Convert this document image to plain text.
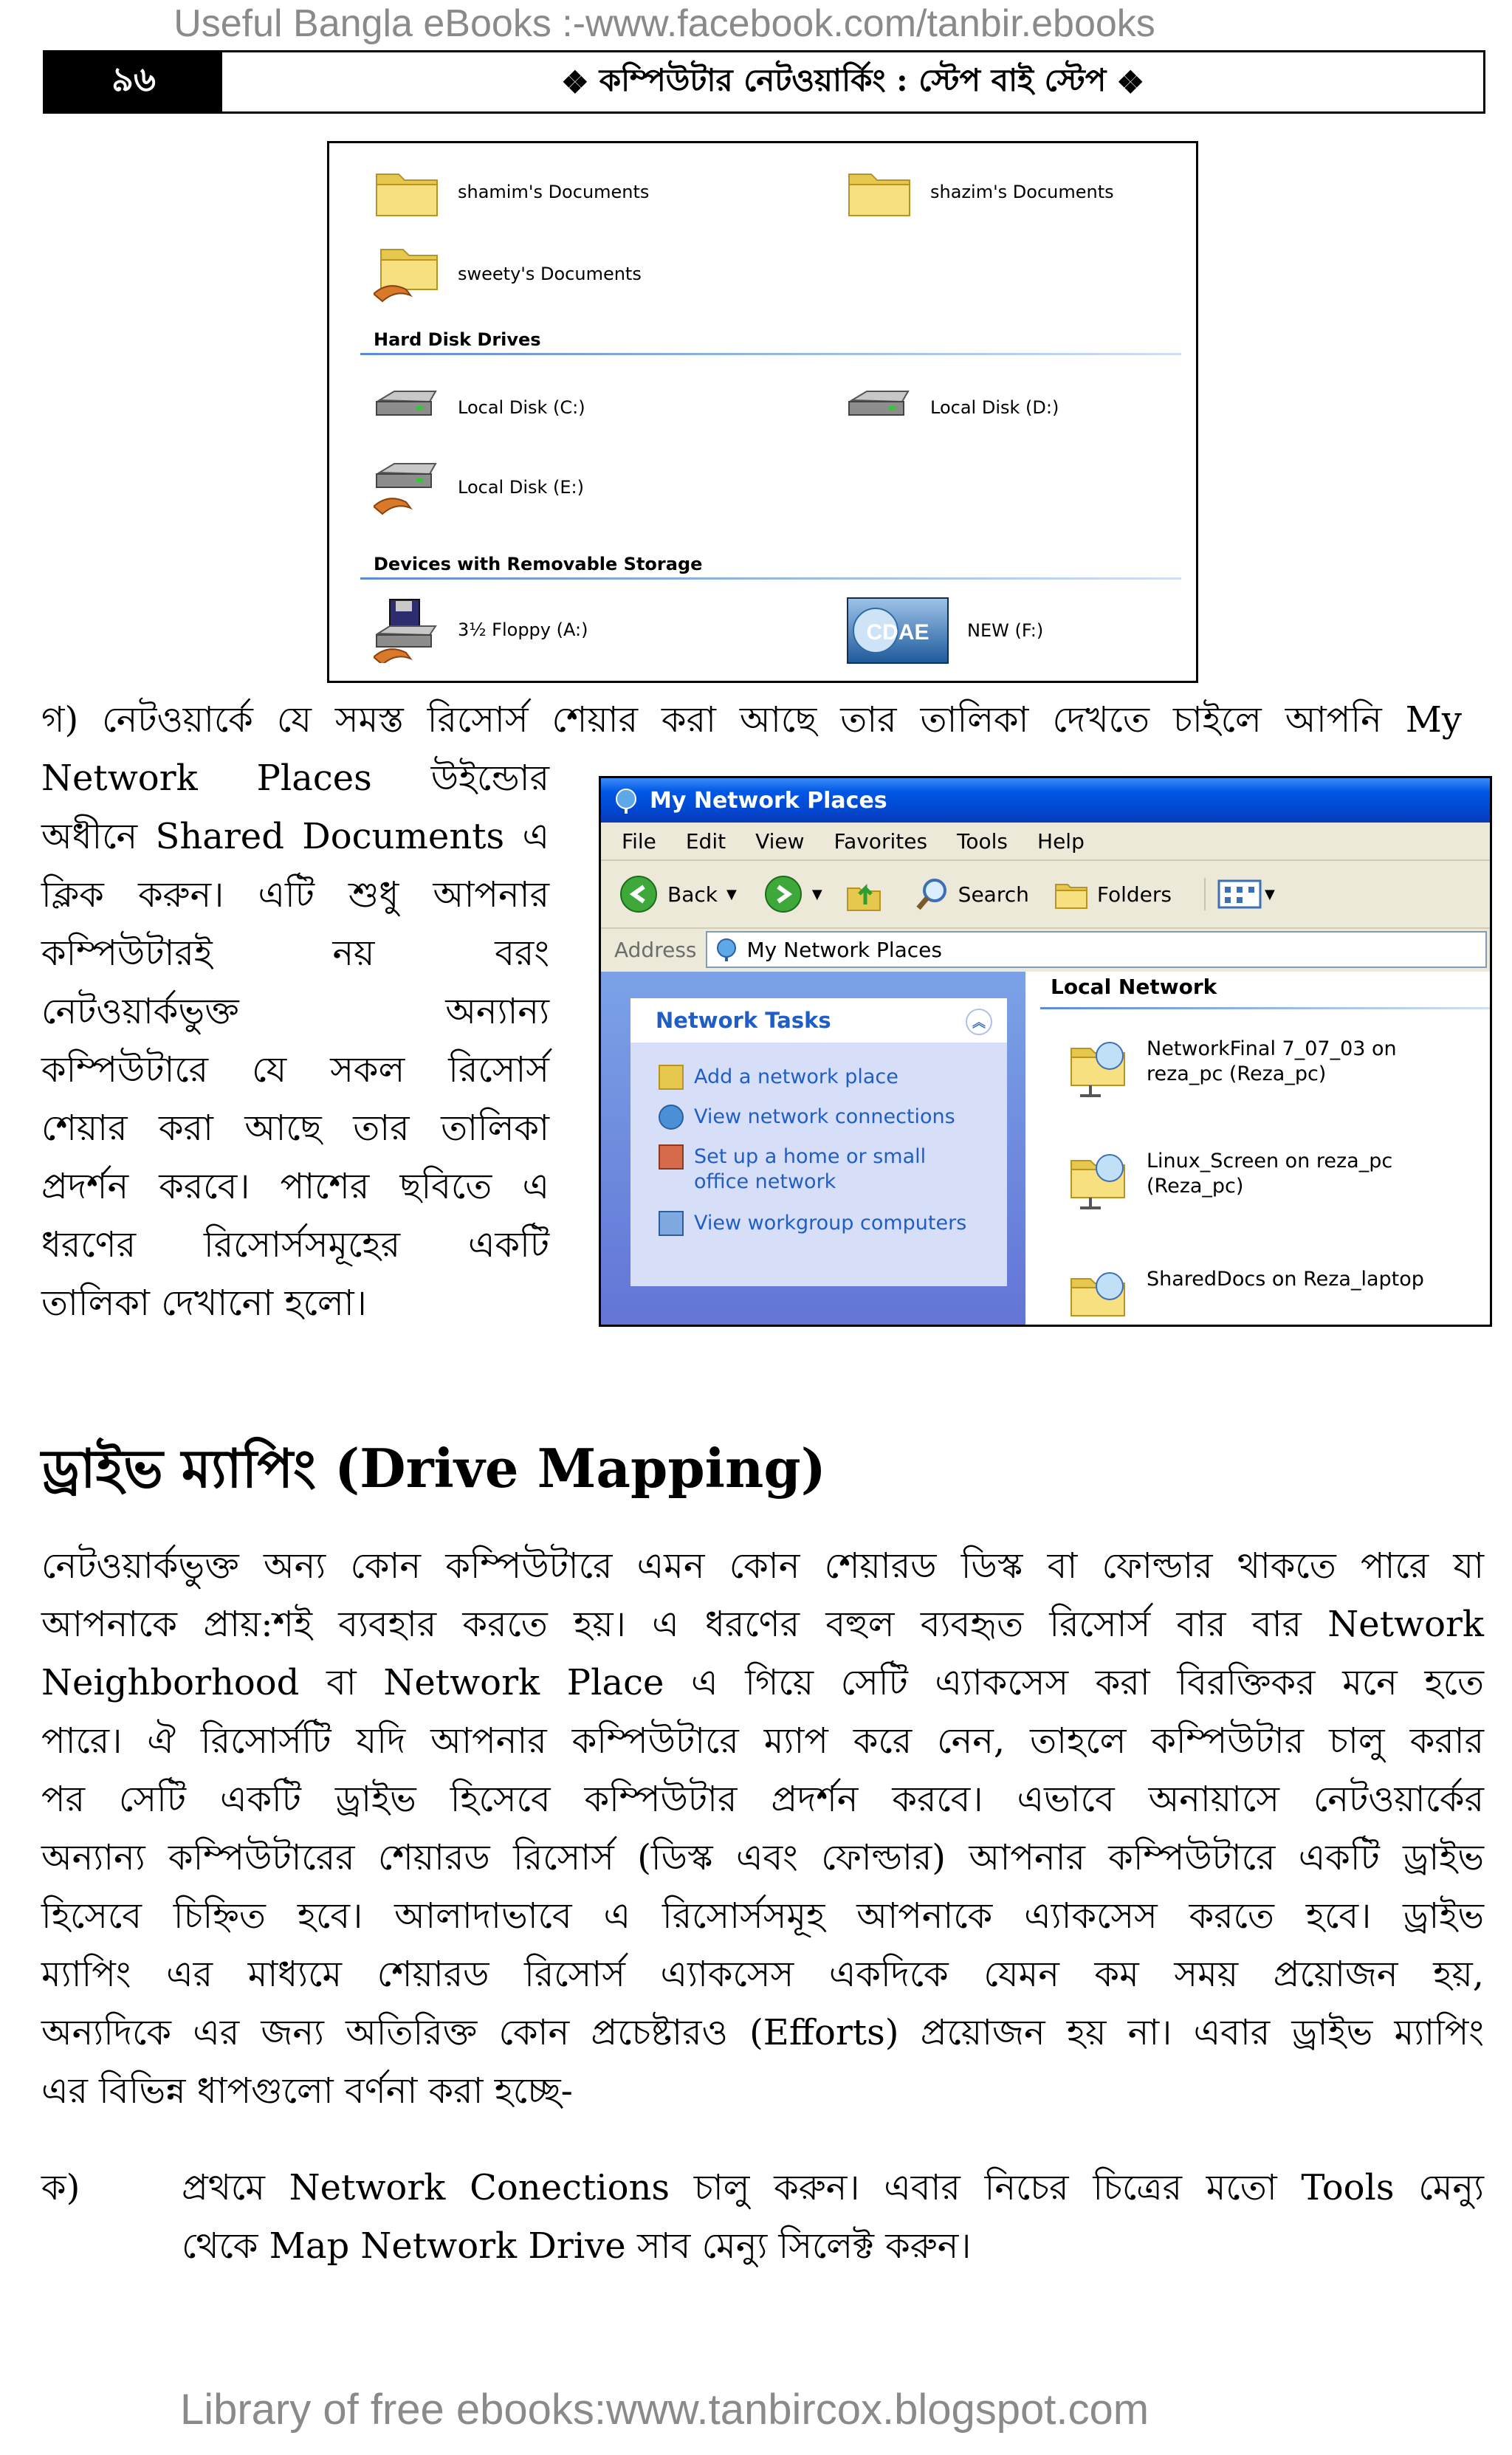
Useful Bangla eBooks :-www.facebook.com/tanbir.ebooks
৯৬	❖ কম্পিউটার নেটওয়ার্কিং : স্টেপ বাই স্টেপ ❖
shamim's Documents	shazim's Documents
sweety's Documents
Hard Disk Drives
Local Disk (C:)	Local Disk (D:)
Local Disk (E:)
Devices with Removable Storage
3½ Floppy (A:)	CDAE NEW (F:)
গ) নেটওয়ার্কে যে সমস্ত রিসোর্স শেয়ার করা আছে তার তালিকা দেখতে চাইলে আপনি My
Network Places উইন্ডোর
অধীনে Shared Documents এ
ক্লিক করুন। এটি শুধু আপনার
কম্পিউটারই নয় বরং
নেটওয়ার্কভুক্ত অন্যান্য
কম্পিউটারে যে সকল রিসোর্স
শেয়ার করা আছে তার তালিকা
প্রদর্শন করবে। পাশের ছবিতে এ
ধরণের রিসোর্সসমূহের একটি
তালিকা দেখানো হলো।
My Network Places
File Edit View Favorites Tools Help
Back ▼	▼	Search	Folders	▼
Address	My Network Places
Network Tasks	︽
Add a network place
View network connections
Set up a home or small office network
View workgroup computers
Local Network
NetworkFinal 7_07_03 on reza_pc (Reza_pc)
Linux_Screen on reza_pc (Reza_pc)
SharedDocs on Reza_laptop
ড্রাইভ ম্যাপিং (Drive Mapping)
নেটওয়ার্কভুক্ত অন্য কোন কম্পিউটারে এমন কোন শেয়ারড ডিস্ক বা ফোল্ডার থাকতে পারে যা
আপনাকে প্রায়:শই ব্যবহার করতে হয়। এ ধরণের বহুল ব্যবহৃত রিসোর্স বার বার Network
Neighborhood বা Network Place এ গিয়ে সেটি এ্যাকসেস করা বিরক্তিকর মনে হতে
পারে। ঐ রিসোর্সটি যদি আপনার কম্পিউটারে ম্যাপ করে নেন, তাহলে কম্পিউটার চালু করার
পর সেটি একটি ড্রাইভ হিসেবে কম্পিউটার প্রদর্শন করবে। এভাবে অনায়াসে নেটওয়ার্কের
অন্যান্য কম্পিউটারের শেয়ারড রিসোর্স (ডিস্ক এবং ফোল্ডার) আপনার কম্পিউটারে একটি ড্রাইভ
হিসেবে চিহ্নিত হবে। আলাদাভাবে এ রিসোর্সসমূহ আপনাকে এ্যাকসেস করতে হবে। ড্রাইভ
ম্যাপিং এর মাধ্যমে শেয়ারড রিসোর্স এ্যাকসেস একদিকে যেমন কম সময় প্রয়োজন হয়,
অন্যদিকে এর জন্য অতিরিক্ত কোন প্রচেষ্টারও (Efforts) প্রয়োজন হয় না। এবার ড্রাইভ ম্যাপিং
এর বিভিন্ন ধাপগুলো বর্ণনা করা হচ্ছে-
ক)	প্রথমে Network Conections চালু করুন। এবার নিচের চিত্রের মতো Tools মেন্যু
থেকে Map Network Drive সাব মেন্যু সিলেক্ট করুন।
Library of free ebooks:www.tanbircox.blogspot.com
